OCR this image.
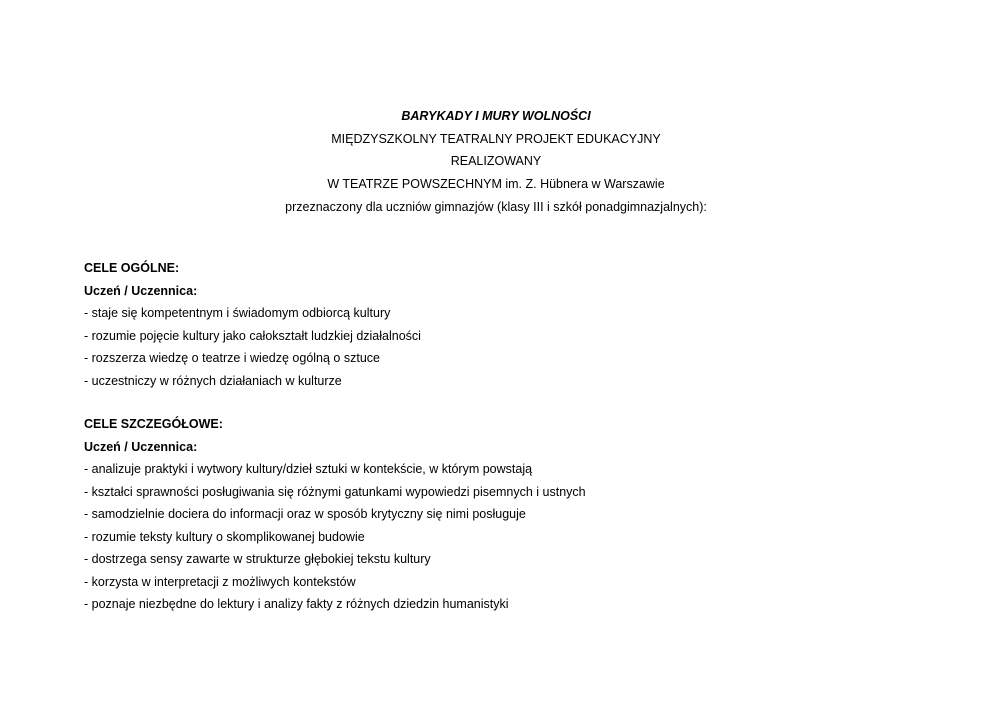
BARYKADY I MURY WOLNOŚCI
MIĘDZYSZKOLNY TEATRALNY PROJEKT EDUKACYJNY
REALIZOWANY
W TEATRZE POWSZECHNYM im. Z. Hübnera w Warszawie
przeznaczony dla uczniów gimnazjów (klasy III i szkół ponadgimnazjalnych):
CELE OGÓLNE:
Uczeń / Uczennica:
- staje się kompetentnym i świadomym odbiorcą kultury
- rozumie pojęcie kultury jako całokształt ludzkiej działalności
- rozszerza wiedzę o teatrze i wiedzę ogólną o sztuce
- uczestniczy w różnych działaniach w kulturze
CELE SZCZEGÓŁOWE:
Uczeń / Uczennica:
- analizuje praktyki i wytwory kultury/dzieł sztuki w kontekście, w którym powstają
- kształci sprawności posługiwania się różnymi gatunkami wypowiedzi pisemnych i ustnych
- samodzielnie dociera do informacji oraz w sposób krytyczny się nimi posługuje
- rozumie teksty kultury o skomplikowanej budowie
- dostrzega sensy zawarte w strukturze głębokiej tekstu kultury
- korzysta w interpretacji z możliwych kontekstów
- poznaje niezbędne do lektury i analizy fakty z różnych dziedzin humanistyki
